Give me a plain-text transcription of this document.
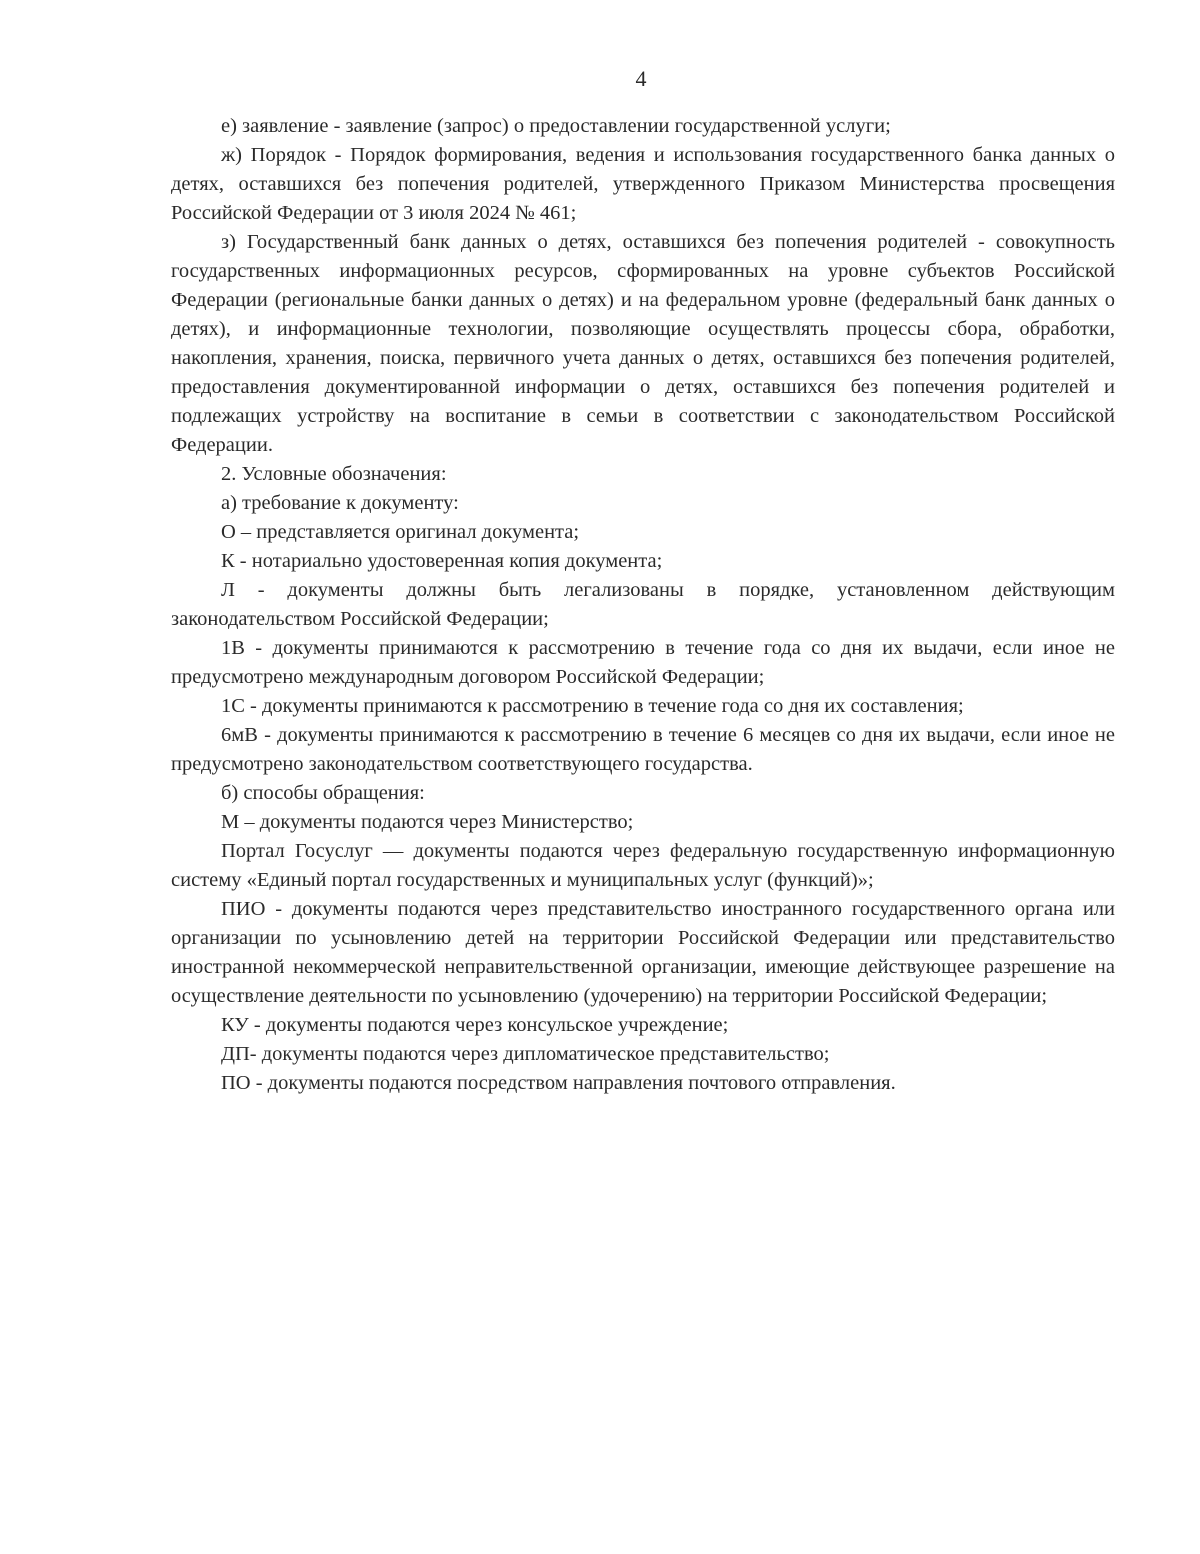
4

е) заявление - заявление (запрос) о предоставлении государственной услуги;

ж) Порядок - Порядок формирования, ведения и использования государственного банка данных о детях, оставшихся без попечения родителей, утвержденного Приказом Министерства просвещения Российской Федерации от 3 июля 2024 № 461;

з) Государственный банк данных о детях, оставшихся без попечения родителей - совокупность государственных информационных ресурсов, сформированных на уровне субъектов Российской Федерации (региональные банки данных о детях) и на федеральном уровне (федеральный банк данных о детях), и информационные технологии, позволяющие осуществлять процессы сбора, обработки, накопления, хранения, поиска, первичного учета данных о детях, оставшихся без попечения родителей, предоставления документированной информации о детях, оставшихся без попечения родителей и подлежащих устройству на воспитание в семьи в соответствии с законодательством Российской Федерации.

2. Условные обозначения:

а) требование к документу:

О – представляется оригинал документа;

К - нотариально удостоверенная копия документа;

Л - документы должны быть легализованы в порядке, установленном действующим законодательством Российской Федерации;

1В - документы принимаются к рассмотрению в течение года со дня их выдачи, если иное не предусмотрено международным договором Российской Федерации;

1С - документы принимаются к рассмотрению в течение года со дня их составления;

6мВ - документы принимаются к рассмотрению в течение 6 месяцев со дня их выдачи, если иное не предусмотрено законодательством соответствующего государства.

б) способы обращения:

М – документы подаются через Министерство;

Портал Госуслуг — документы подаются через федеральную государственную информационную систему «Единый портал государственных и муниципальных услуг (функций)»;

ПИО - документы подаются через представительство иностранного государственного органа или организации по усыновлению детей на территории Российской Федерации или представительство иностранной некоммерческой неправительственной организации, имеющие действующее разрешение на осуществление деятельности по усыновлению (удочерению) на территории Российской Федерации;

КУ - документы подаются через консульское учреждение;

ДП- документы подаются через дипломатическое представительство;

ПО - документы подаются посредством направления почтового отправления.
